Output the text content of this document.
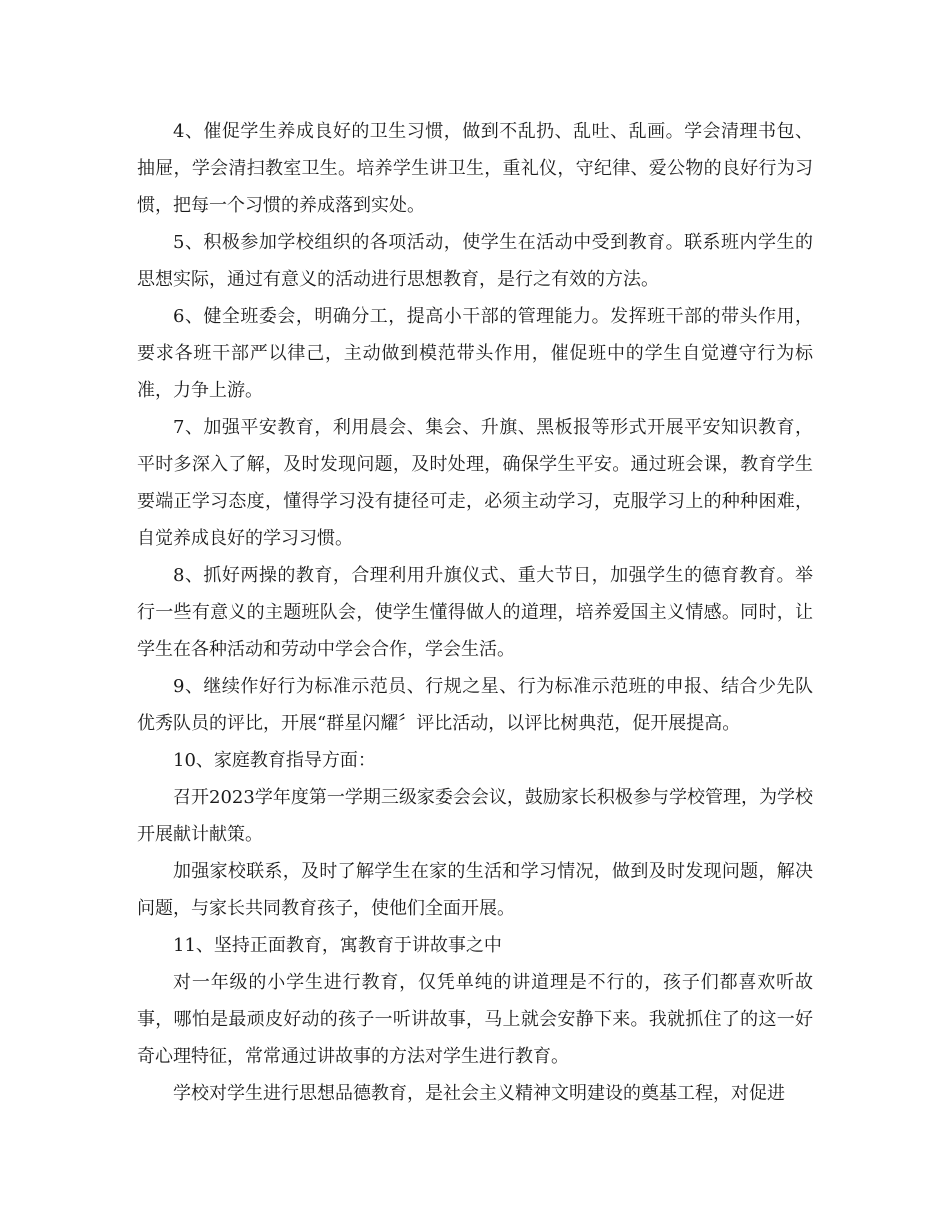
4、催促学生养成良好的卫生习惯，做到不乱扔、乱吐、乱画。学会清理书包、抽屉，学会清扫教室卫生。培养学生讲卫生，重礼仪，守纪律、爱公物的良好行为习惯，把每一个习惯的养成落到实处。

5、积极参加学校组织的各项活动，使学生在活动中受到教育。联系班内学生的思想实际，通过有意义的活动进行思想教育，是行之有效的方法。

6、健全班委会，明确分工，提高小干部的管理能力。发挥班干部的带头作用，要求各班干部严以律己，主动做到模范带头作用，催促班中的学生自觉遵守行为标准，力争上游。

7、加强平安教育，利用晨会、集会、升旗、黑板报等形式开展平安知识教育，平时多深入了解，及时发现问题，及时处理，确保学生平安。通过班会课，教育学生要端正学习态度，懂得学习没有捷径可走，必须主动学习，克服学习上的种种困难，自觉养成良好的学习习惯。

8、抓好两操的教育，合理利用升旗仪式、重大节日，加强学生的德育教育。举行一些有意义的主题班队会，使学生懂得做人的道理，培养爱国主义情感。同时，让学生在各种活动和劳动中学会合作，学会生活。

9、继续作好行为标准示范员、行规之星、行为标准示范班的申报、结合少先队优秀队员的评比，开展“群星闪耀〞评比活动，以评比树典范，促开展提高。

10、家庭教育指导方面：

召开2023学年度第一学期三级家委会会议，鼓励家长积极参与学校管理，为学校开展献计献策。

加强家校联系，及时了解学生在家的生活和学习情况，做到及时发现问题，解决问题，与家长共同教育孩子，使他们全面开展。

11、坚持正面教育，寓教育于讲故事之中

对一年级的小学生进行教育，仅凭单纯的讲道理是不行的，孩子们都喜欢听故事，哪怕是最顽皮好动的孩子一听讲故事，马上就会安静下来。我就抓住了的这一好奇心理特征，常常通过讲故事的方法对学生进行教育。

学校对学生进行思想品德教育，是社会主义精神文明建设的奠基工程，对促进
